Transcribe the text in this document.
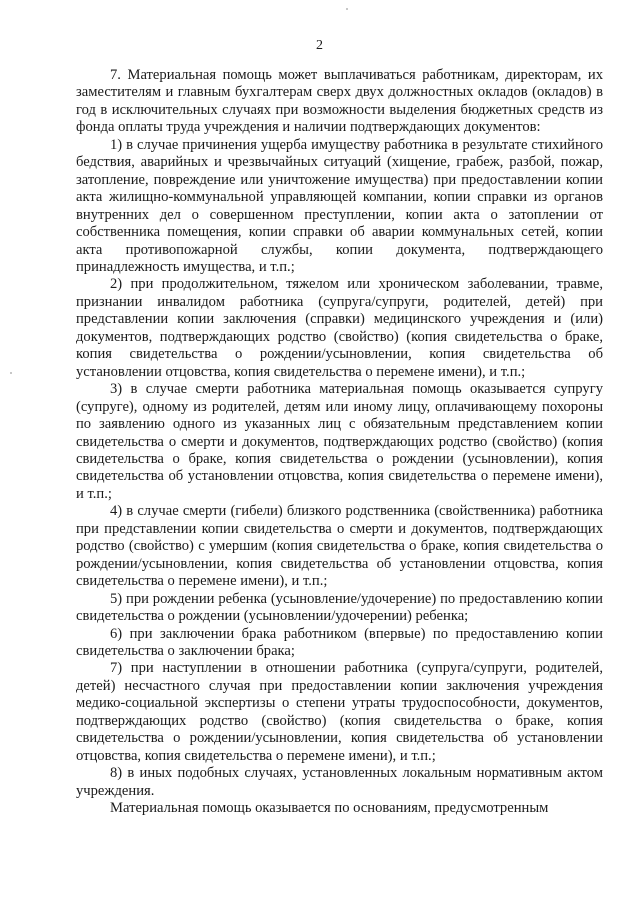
2

7. Материальная помощь может выплачиваться работникам, директорам, их заместителям и главным бухгалтерам сверх двух должностных окладов (окладов) в год в исключительных случаях при возможности выделения бюджетных средств из фонда оплаты труда учреждения и наличии подтверждающих документов:

1) в случае причинения ущерба имуществу работника в результате стихийного бедствия, аварийных и чрезвычайных ситуаций (хищение, грабеж, разбой, пожар, затопление, повреждение или уничтожение имущества) при предоставлении копии акта жилищно-коммунальной управляющей компании, копии справки из органов внутренних дел о совершенном преступлении, копии акта о затоплении от собственника помещения, копии справки об аварии коммунальных сетей, копии акта противопожарной службы, копии документа, подтверждающего принадлежность имущества, и т.п.;

2) при продолжительном, тяжелом или хроническом заболевании, травме, признании инвалидом работника (супруга/супруги, родителей, детей) при представлении копии заключения (справки) медицинского учреждения и (или) документов, подтверждающих родство (свойство) (копия свидетельства о браке, копия свидетельства о рождении/усыновлении, копия свидетельства об установлении отцовства, копия свидетельства о перемене имени), и т.п.;

3) в случае смерти работника материальная помощь оказывается супругу (супруге), одному из родителей, детям или иному лицу, оплачивающему похороны по заявлению одного из указанных лиц с обязательным представлением копии свидетельства о смерти и документов, подтверждающих родство (свойство) (копия свидетельства о браке, копия свидетельства о рождении (усыновлении), копия свидетельства об установлении отцовства, копия свидетельства о перемене имени), и т.п.;

4) в случае смерти (гибели) близкого родственника (свойственника) работника при представлении копии свидетельства о смерти и документов, подтверждающих родство (свойство) с умершим (копия свидетельства о браке, копия свидетельства о рождении/усыновлении, копия свидетельства об установлении отцовства, копия свидетельства о перемене имени), и т.п.;

5) при рождении ребенка (усыновление/удочерение) по предоставлению копии свидетельства о рождении (усыновлении/удочерении) ребенка;

6) при заключении брака работником (впервые) по предоставлению копии свидетельства о заключении брака;

7) при наступлении в отношении работника (супруга/супруги, родителей, детей) несчастного случая при предоставлении копии заключения учреждения медико-социальной экспертизы о степени утраты трудоспособности, документов, подтверждающих родство (свойство) (копия свидетельства о браке, копия свидетельства о рождении/усыновлении, копия свидетельства об установлении отцовства, копия свидетельства о перемене имени), и т.п.;

8) в иных подобных случаях, установленных локальным нормативным актом учреждения.

Материальная помощь оказывается по основаниям, предусмотренным
